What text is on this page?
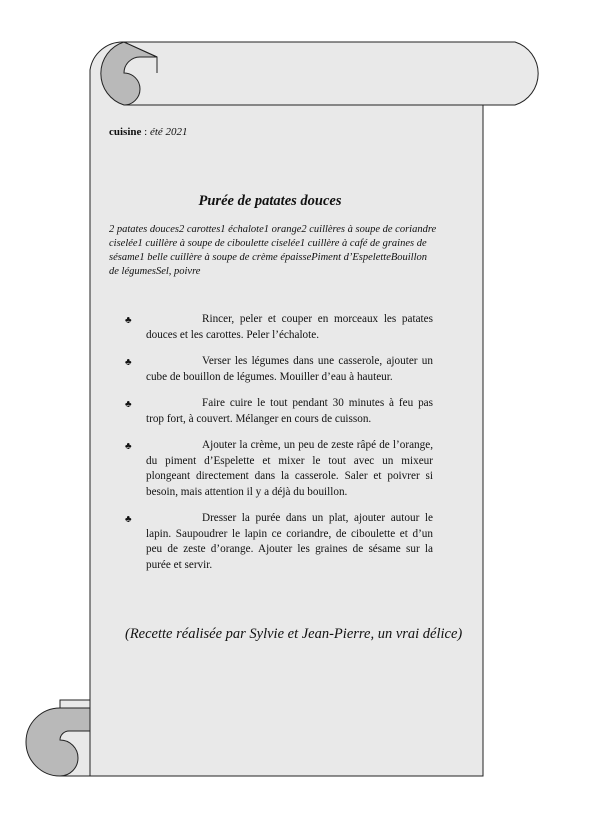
cuisine : été 2021
Purée de patates douces
2 patates douces2 carottes1 échalote1 orange2 cuillères à soupe de coriandre ciselée1 cuillère à soupe de ciboulette ciselée1 cuillère à café de graines de sésame1 belle cuillère à soupe de crème épaissePiment d’EspeletteBouillon de légumesSel, poivre
♣	Rincer, peler et couper en morceaux les patates douces et les carottes. Peler l’échalote.
♣	Verser les légumes dans une casserole, ajouter un cube de bouillon de légumes. Mouiller d’eau à hauteur.
♣	Faire cuire le tout pendant 30 minutes à feu pas trop fort, à couvert. Mélanger en cours de cuisson.
♣	Ajouter la crème, un peu de zeste râpé de l’orange, du piment d’Espelette et mixer le tout avec un mixeur plongeant directement dans la casserole. Saler et poivrer si besoin, mais attention il y a déjà du bouillon.
♣	Dresser la purée dans un plat, ajouter autour le lapin. Saupoudrer le lapin ce coriandre, de ciboulette et d’un peu de zeste d’orange. Ajouter les graines de sésame sur la purée et servir.
(Recette réalisée par Sylvie et Jean-Pierre, un vrai délice)
